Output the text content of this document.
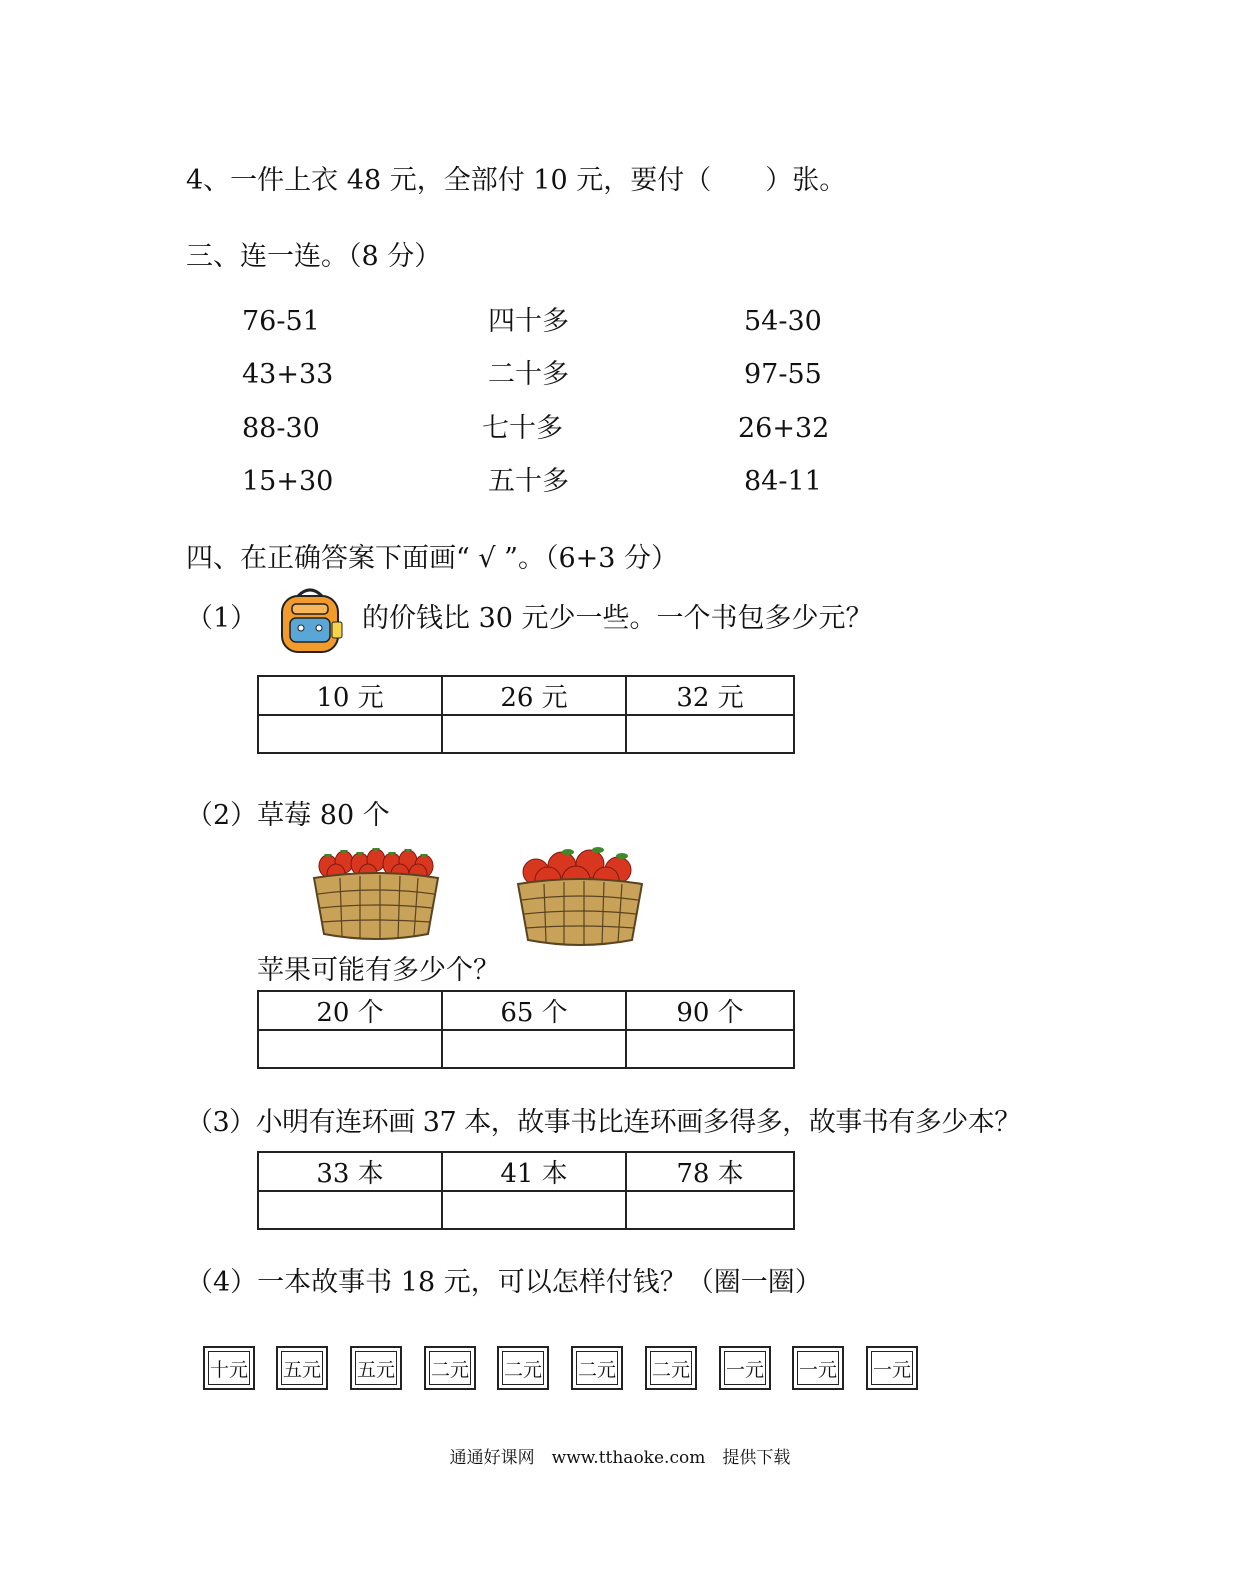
4、一件上衣 48 元，全部付 10 元，要付（　　）张。
三、连一连。（8 分）
76-51	四十多	54-30
43+33	二十多	97-55
88-30	七十多	26+32
15+30	五十多	84-11
四、在正确答案下面画“ √ ”。（6+3 分）
（1）	的价钱比 30 元少一些。一个书包多少元？
10 元	26 元	32 元

（2）草莓 80 个
苹果可能有多少个？
20 个	65 个	90 个

（3）小明有连环画 37 本，故事书比连环画多得多，故事书有多少本？
33 本	41 本	78 本

（4）一本故事书 18 元，可以怎样付钱？（圈一圈）
十元 五元 五元 二元 二元 二元 二元 一元 一元 一元
通通好课网　www.tthaoke.com　提供下载
